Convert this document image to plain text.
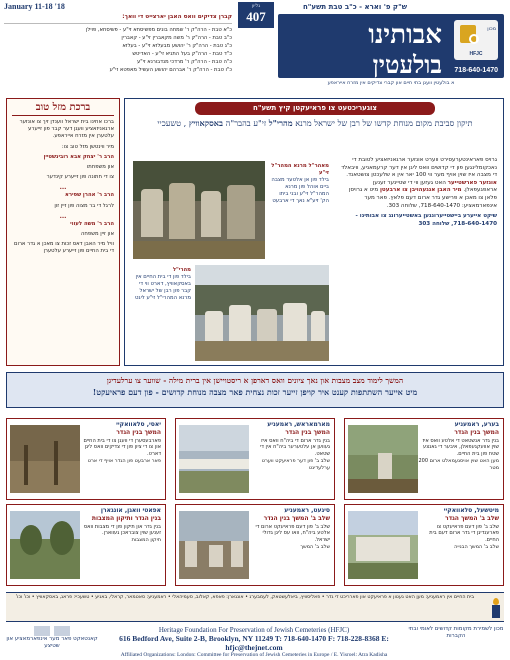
January 11-18 '18

קברן צדיקים וואס האבן יארצייט די וואך:

כ"א טבת - הרה"ק ר' שמחה בונים מפשיסחא זי"ע - פשיסחא, פוילן

כ"ב טבת - הרה"ק ר' משה מקאברין זי"ע - קאברין

כ"ג טבת - הרה"ק ר' יהושע מבעלזא זי"ע - בעלזא

כ"ד טבת - הרה"ק בעל התניא זי"ע - האדיטש

כ"ה טבת - הרה"ק ר' מרדכי מנדבורנא זי"ע

כ"ו טבת - הרה"ק ר' אברהם יהושע העשיל מאפטא זי"ע

גליון
407
ש"ק פ' וארא - כ"ב טבת תשע"ח
אבותינו
בולעטין
מכון
HFJC
718-640-1470
א בולעטין וועגן בתי חיים און קברי צדיקים אין מזרח אייראפע
ברכת מזל טוב

ברכו אחינו בית ישראל ווענדן זיך צו אונזער ארגאניזאציע וועגן דער קבר פון זייערע עלטערן אין מזרח אייראפע.

מיר ווינטשן מזל טוב צו:

הרב ר' יצחק אבא רובינשטיין

און משפחתו

צו די חתונה פון זייערע קינדער

...

הרב ר' אהרן שפירא

לרגל די בר מצוה פון זיין זון

...

הרב ר' משה לעווי

און זיין משפחה

וויל מיר האבן דאס זכות צו מאכן א גדר ארום די בית החיים פון זייערע עלטערן

צוגעריכטעט צו פראיעקטן קיץ תשע"ח
תיקון סביבת מקום מנוחת קדשו של רבן של ישראל מרנא מהרי"ל זי"ע בהבר"ה באסקאוויץ , טשעכיי
גרויס פאראינטערעסירט ווערט אונזער ארגאניזאציע לטובת די נאכקומלינגען פון די קדושים וואס ליגן אין דער קרעמאניע, וויבאלד די מצבה איז שוין אויף מער ווי 100 יאר אין א שלעכטן צושטאנד. אונזער פארשטייער האט געזען ווי די שטיינער זענען אראפגעפאלן. מיר האבן אנגעהויבן צו ארבעטן מיט א גרויסן פלאן צו מאכן א פרישע גדר ארום דעם פלאץ. פאר מער אינפארמאציע: 718-640-1470, שלוחה 303.
שיקט אייערע ביישטייערונגען באשטייערונג צו אבותינו - 718-640-1470, שלוחה 303
מאהר"ל מרנא המהר"ל זי"ע
בילד פון אן אלטער מצבה ביים אוהל פון מרנא המהר"ל זי"ע ובני ביתו הק' זיע"א נאך די ארבעט
מהרי"ל
בילד פון די בית החיים אין באסקאוויץ, דארט ווי די קבר פון רבן של ישראל מרנא המהרי"ל זי"ע ליגט
המשך לימוד מצב מצבות און נאך ציונים וואס דארפן א ריסטויישן אין ברית מילה - שווער צו ערלעדיגן
מיט אייער השתתפות קענט איר קויפן זייער זכות נצחית פאר מצבה מנוחת קדושים - פון דעם פראיעקט!
בערע, ראמעניע
המשך בנין הגדר
בנין גדר אנשטאט די אלטע וואס איז שוין אוועקגעפאלן, איבער די גאנצע שטח פון בית החיים.
מען האט שוין אויסגעמאלט ארום 200 מטר
מארמאראש, ראמעניע
המשך בנין הגדר
בנין גדר ארום די ביה"ח וואס איז געווען אן עלטערער ביה"ח אין די שטאט.
שלב ב' פון דער פראיעקט ווערט ערלעדיגט
יאסי, סלאוואקיי
המשך בנין הגדר
פארבעסערן די וועגן צו די בית החיים און צו די ציון פון די צדיקים וואס ליגן דארט.
פאר ארבעט פון הגדר אויף די ארט
מיטשעל, סלאוואקיי
שלב ב' המשך הגדר
שלב ב' פון דעם פראיעקט צו פארענדיגן די גדר ארום דעם בית החיים.
שלב ב' המשך הבנייה
סיגעט, ראמעניע
שלב ב' המשך בנין הגדר
שלב ב' פון דעם פראיעקט ארום די אלטע ביה"ח, וואו עס ליגן גדולי ישראל.
שלב ב' המשך
אפאטי וואגן, אונגארן
בנין הגדר ותיקון המצבות
בנין גדר און תיקון פון די מצבות וואס זענען שוין צובראכן געווארן.
תיקון המצבות
בית החיים אין ראמעניע: מען האט געטון א פראיעקט און פארריכט די גדר • פאליסוויץ, ביאלעשטאק, לעמבערג • אונגארן: פאפא, קאלוב, סעמיהאלי • ראמעניע: סאטמאר, קראלי, באניע • טשעכיי: פראג, באסקאוויץ • וכו' וכו'

קאנטאקט פאר מער אינפארמאציע און שטיצע
Heritage Foundation For Preservation of Jewish Cemeteries (HFJC)
616 Bedford Ave, Suite 2-B, Brooklyn, NY 11249 T: 718-640-1470 F: 718-228-8368 E: hfjc@thejnet.com
Affiliated Organizations: London: Committee for Preservation of Jewish Cemeteries in Europe / E. Yisroel: Atra Kadisha
מכון לשמירת מקומות קדושים לאומי ובתי הקברות
